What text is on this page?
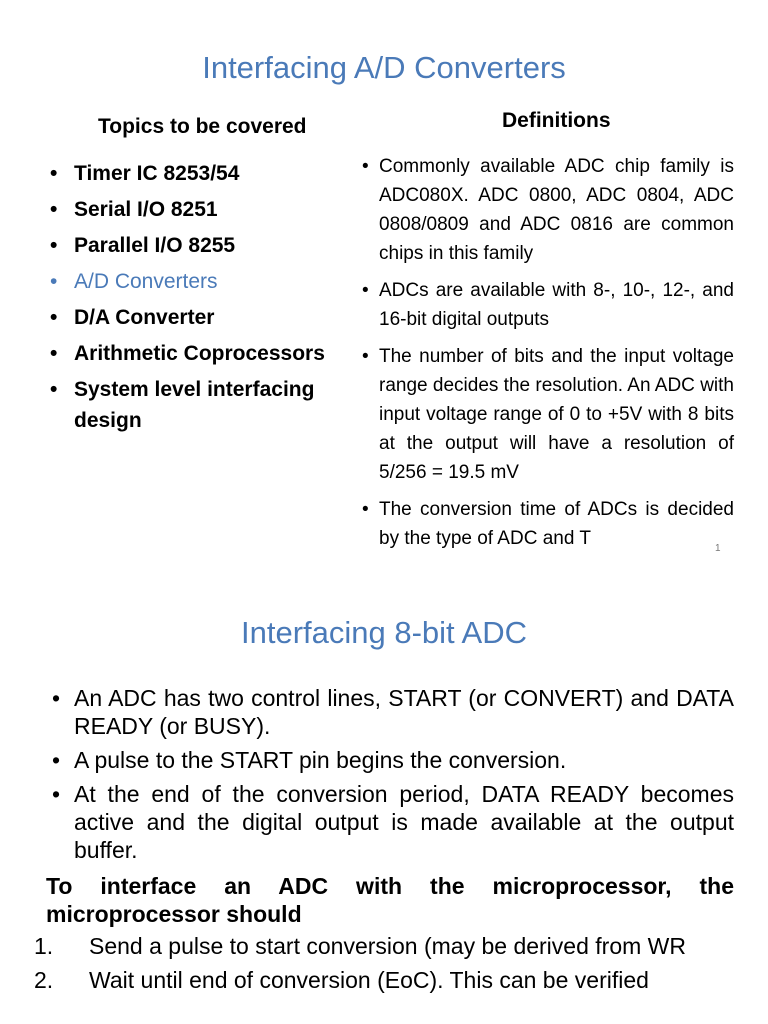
Interfacing A/D Converters
Topics to be covered	Definitions
• Timer IC 8253/54
• Serial I/O 8251
• Parallel I/O 8255
• A/D Converters
• D/A Converter
• Arithmetic Coprocessors
• System level interfacing design
• Commonly available ADC chip family is ADC080X. ADC 0800, ADC 0804, ADC 0808/0809 and ADC 0816 are common chips in this family
• ADCs are available with 8-, 10-, 12-, and 16-bit digital outputs
• The number of bits and the input voltage range decides the resolution. An ADC with input voltage range of 0 to +5V with 8 bits at the output will have a resolution of 5/256 = 19.5 mV
• The conversion time of ADCs is decided by the type of ADC and T	1
Interfacing 8-bit ADC
• An ADC has two control lines, START (or CONVERT) and DATA READY (or BUSY).
• A pulse to the START pin begins the conversion.
• At the end of the conversion period, DATA READY becomes active and the digital output is made available at the output buffer.

To interface an ADC with the microprocessor, the microprocessor should

1. Send a pulse to start conversion (may be derived from WR
2. Wait until end of conversion (EoC). This can be verified
